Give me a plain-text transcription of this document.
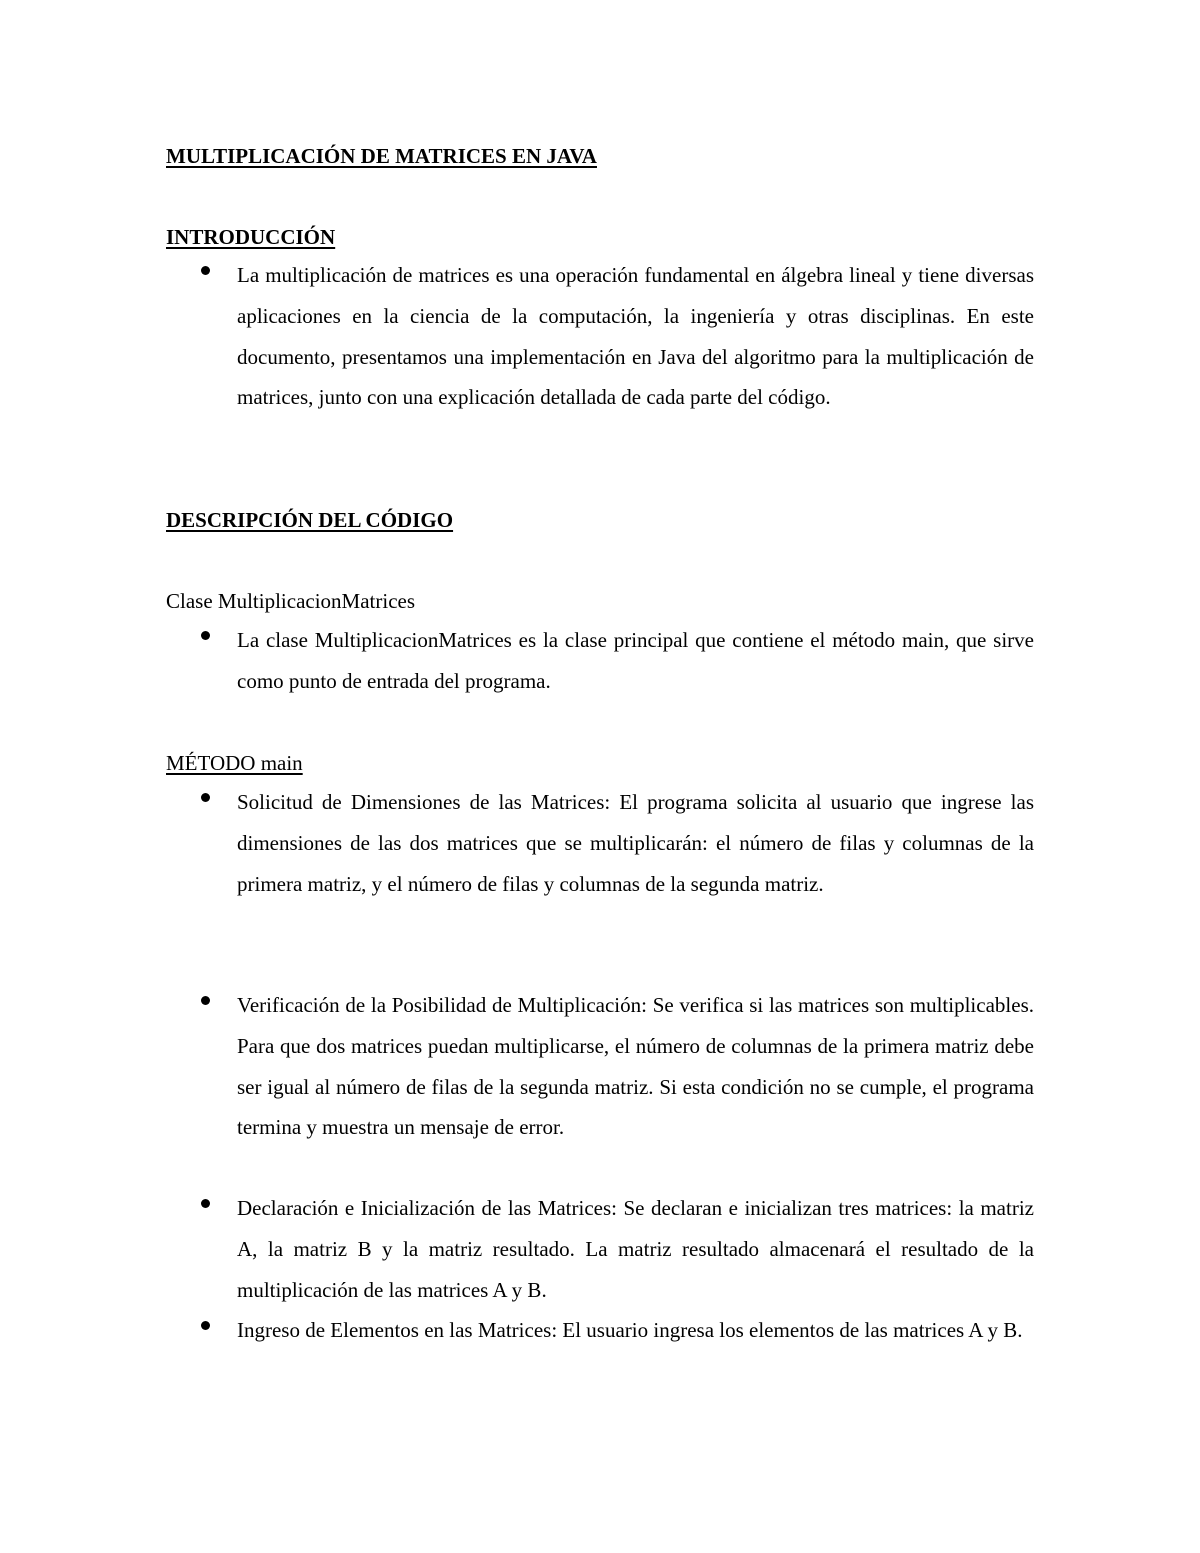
MULTIPLICACIÓN DE MATRICES EN JAVA
INTRODUCCIÓN
La multiplicación de matrices es una operación fundamental en álgebra lineal y tiene diversas aplicaciones en la ciencia de la computación, la ingeniería y otras disciplinas. En este documento, presentamos una implementación en Java del algoritmo para la multiplicación de matrices, junto con una explicación detallada de cada parte del código.
DESCRIPCIÓN DEL CÓDIGO
Clase MultiplicacionMatrices
La clase MultiplicacionMatrices es la clase principal que contiene el método main, que sirve como punto de entrada del programa.
MÉTODO main
Solicitud de Dimensiones de las Matrices: El programa solicita al usuario que ingrese las dimensiones de las dos matrices que se multiplicarán: el número de filas y columnas de la primera matriz, y el número de filas y columnas de la segunda matriz.
Verificación de la Posibilidad de Multiplicación: Se verifica si las matrices son multiplicables. Para que dos matrices puedan multiplicarse, el número de columnas de la primera matriz debe ser igual al número de filas de la segunda matriz. Si esta condición no se cumple, el programa termina y muestra un mensaje de error.
Declaración e Inicialización de las Matrices: Se declaran e inicializan tres matrices: la matriz A, la matriz B y la matriz resultado. La matriz resultado almacenará el resultado de la multiplicación de las matrices A y B.
Ingreso de Elementos en las Matrices: El usuario ingresa los elementos de las matrices A y B.
